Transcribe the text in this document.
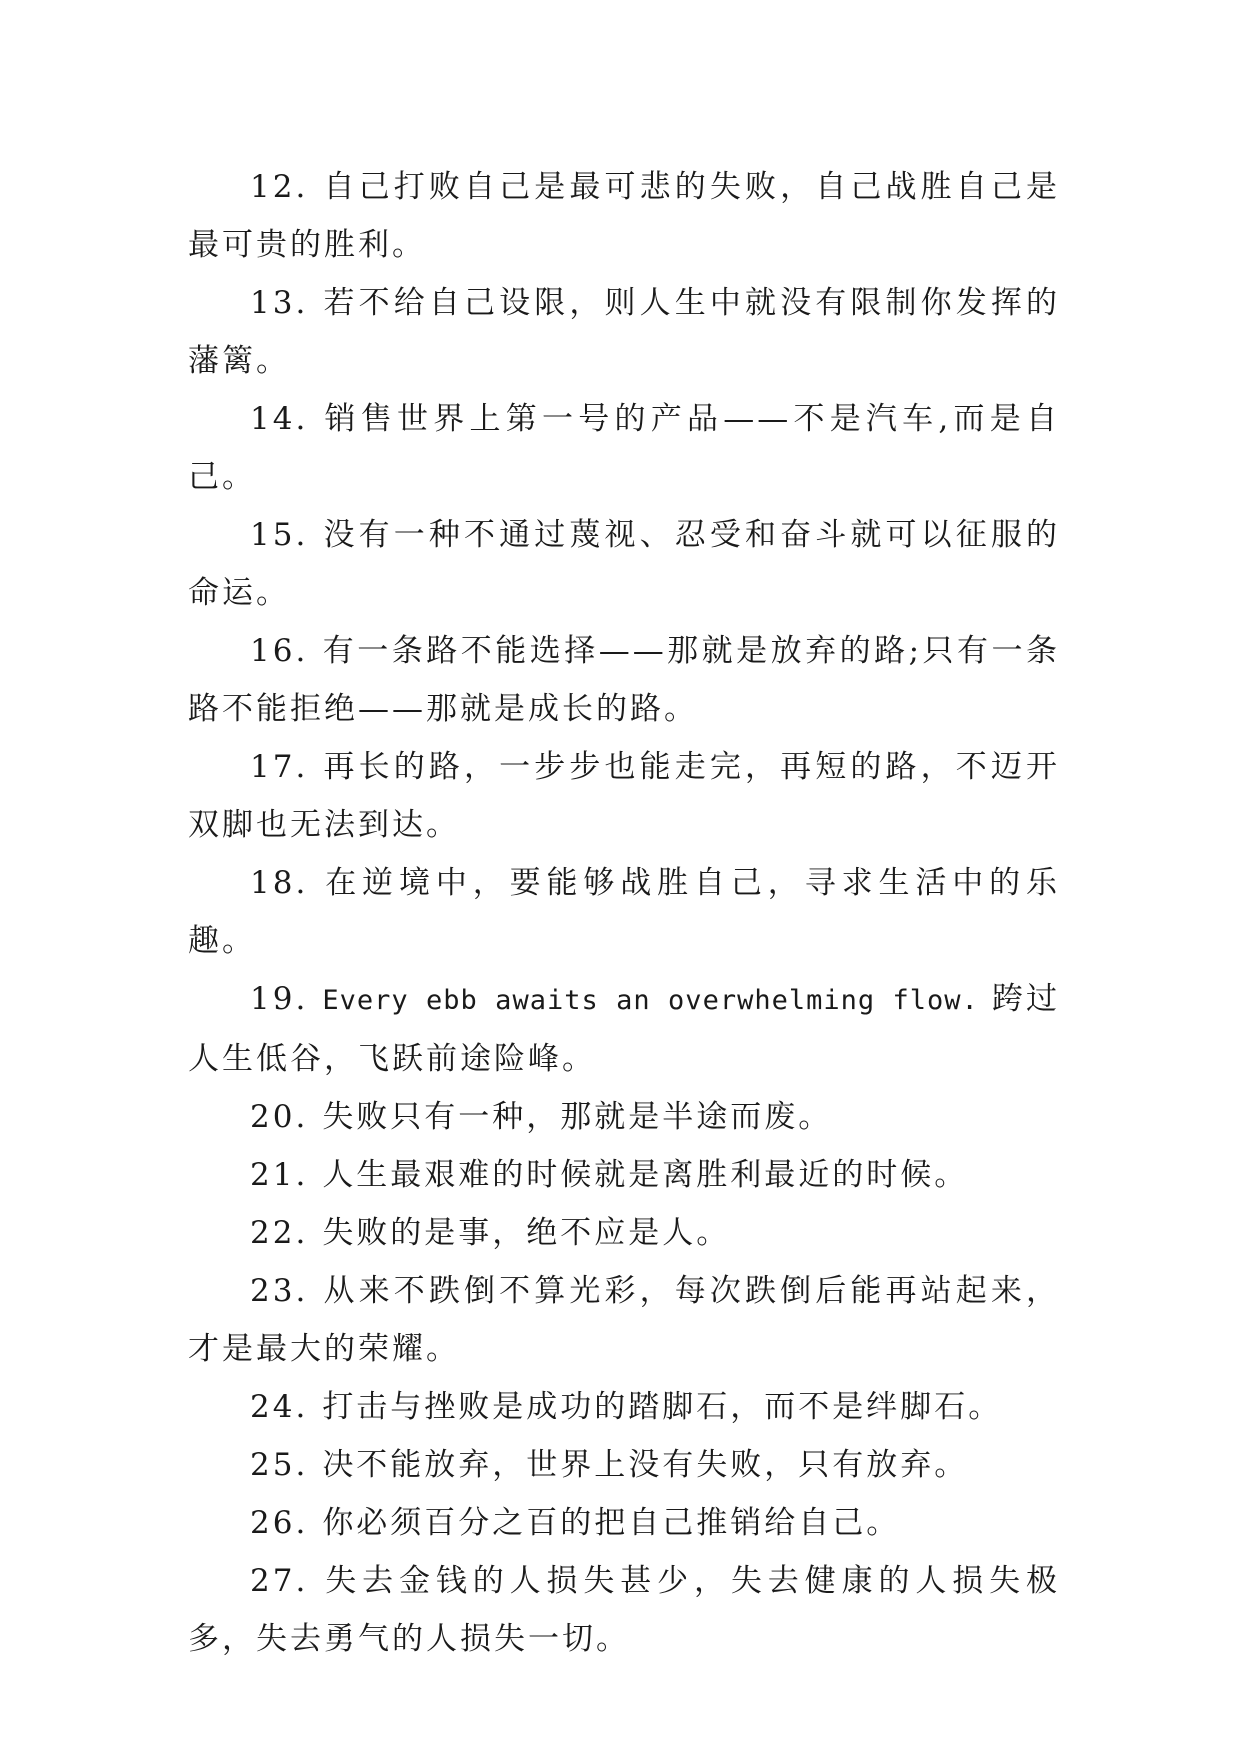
12. 自己打败自己是最可悲的失败，自己战胜自己是最可贵的胜利。

13. 若不给自己设限，则人生中就没有限制你发挥的藩篱。

14. 销售世界上第一号的产品——不是汽车,而是自己。

15. 没有一种不通过蔑视、忍受和奋斗就可以征服的命运。

16. 有一条路不能选择——那就是放弃的路;只有一条路不能拒绝——那就是成长的路。

17. 再长的路，一步步也能走完，再短的路，不迈开双脚也无法到达。

18. 在逆境中，要能够战胜自己，寻求生活中的乐趣。

19. Every ebb awaits an overwhelming flow. 跨过人生低谷，飞跃前途险峰。

20. 失败只有一种，那就是半途而废。

21. 人生最艰难的时候就是离胜利最近的时候。

22. 失败的是事，绝不应是人。

23. 从来不跌倒不算光彩，每次跌倒后能再站起来，才是最大的荣耀。

24. 打击与挫败是成功的踏脚石，而不是绊脚石。

25. 决不能放弃，世界上没有失败，只有放弃。

26. 你必须百分之百的把自己推销给自己。

27. 失去金钱的人损失甚少，失去健康的人损失极多，失去勇气的人损失一切。
